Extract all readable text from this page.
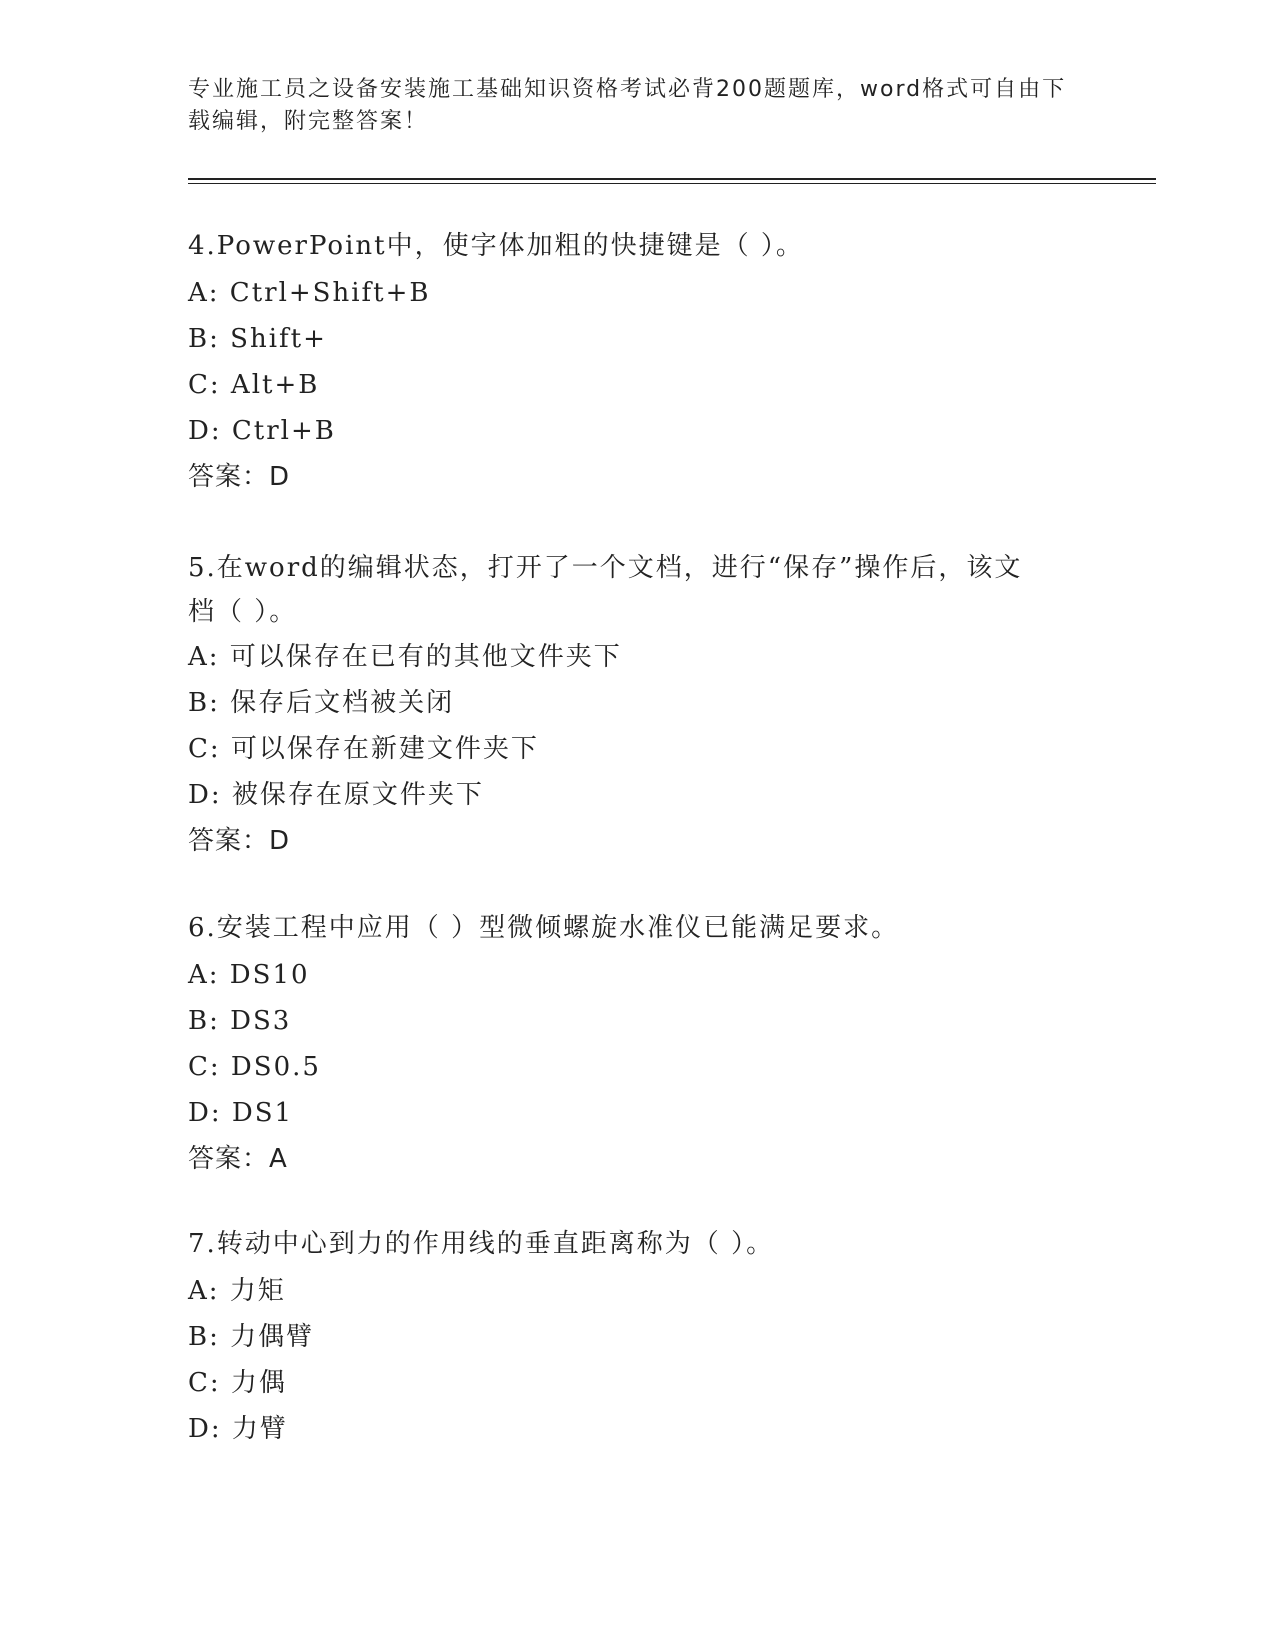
专业施工员之设备安装施工基础知识资格考试必背200题题库，word格式可自由下载编辑，附完整答案！
4.PowerPoint中，使字体加粗的快捷键是（ ）。
A: Ctrl+Shift+B
B: Shift+
C: Alt+B
D: Ctrl+B
答案：D
5.在word的编辑状态，打开了一个文档，进行“保存”操作后，该文档（ ）。
A: 可以保存在已有的其他文件夹下
B: 保存后文档被关闭
C: 可以保存在新建文件夹下
D: 被保存在原文件夹下
答案：D
6.安装工程中应用（ ）型微倾螺旋水准仪已能满足要求。
A: DS10
B: DS3
C: DS0.5
D: DS1
答案：A
7.转动中心到力的作用线的垂直距离称为（ ）。
A: 力矩
B: 力偶臂
C: 力偶
D: 力臂
